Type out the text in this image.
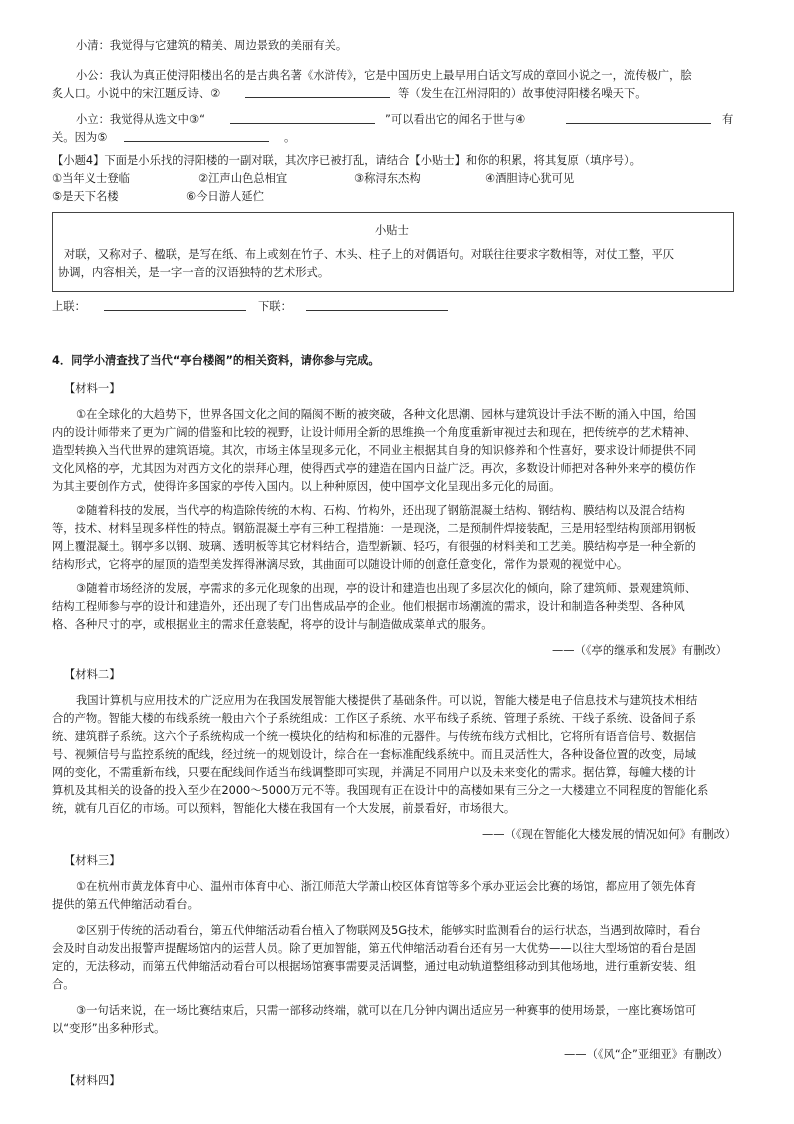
小清：我觉得与它建筑的精美、周边景致的美丽有关。
小公：我认为真正使浔阳楼出名的是古典名著《水浒传》，它是中国历史上最早用白话文写成的章回小说之一，流传极广，脍
炙人口。小说中的宋江题反诗、②	等（发生在江州浔阳的）故事使浔阳楼名噪天下。
小立：我觉得从选文中③“	”可以看出它的闻名于世与④	有
关。因为⑤	。
【小题4】下面是小乐找的浔阳楼的一副对联，其次序已被打乱，请结合【小贴士】和你的积累，将其复原（填序号）。
①当年义士登临	②江声山色总相宜	③称浔东杰构	④酒胆诗心犹可见
⑤是天下名楼	⑥今日游人延伫
小贴士
对联，又称对子、楹联，是写在纸、布上或刻在竹子、木头、柱子上的对偶语句。对联往往要求字数相等，对仗工整，平仄
协调，内容相关，是一字一音的汉语独特的艺术形式。
上联：	下联：
4．同学小清查找了当代“亭台楼阁”的相关资料，请你参与完成。
【材料一】
①在全球化的大趋势下，世界各国文化之间的隔阂不断的被突破，各种文化思潮、园林与建筑设计手法不断的涌入中国，给国
内的设计师带来了更为广阔的借鉴和比较的视野，让设计师用全新的思维换一个角度重新审视过去和现在，把传统亭的艺术精神、
造型转换入当代世界的建筑语境。其次，市场主体呈现多元化，不同业主根据其自身的知识修养和个性喜好，要求设计师提供不同
文化风格的亭，尤其因为对西方文化的崇拜心理，使得西式亭的建造在国内日益广泛。再次，多数设计师把对各种外来亭的模仿作
为其主要创作方式，使得许多国家的亭传入国内。以上种种原因，使中国亭文化呈现出多元化的局面。
②随着科技的发展，当代亭的构造除传统的木构、石构、竹构外，还出现了钢筋混凝土结构、钢结构、膜结构以及混合结构
等，技术、材料呈现多样性的特点。钢筋混凝土亭有三种工程措施：一是现浇，二是预制件焊接装配，三是用轻型结构顶部用钢板
网上覆混凝土。钢亭多以钢、玻璃、透明板等其它材料结合，造型新颖、轻巧，有很强的材料美和工艺美。膜结构亭是一种全新的
结构形式，它将亭的屋顶的造型美发挥得淋漓尽致，其曲面可以随设计师的创意任意变化，常作为景观的视觉中心。
③随着市场经济的发展，亭需求的多元化现象的出现，亭的设计和建造也出现了多层次化的倾向，除了建筑师、景观建筑师、
结构工程师参与亭的设计和建造外，还出现了专门出售成品亭的企业。他们根据市场潮流的需求，设计和制造各种类型、各种风
格、各种尺寸的亭，或根据业主的需求任意装配，将亭的设计与制造做成菜单式的服务。
——（《亭的继承和发展》有删改）
【材料二】
我国计算机与应用技术的广泛应用为在我国发展智能大楼提供了基础条件。可以说，智能大楼是电子信息技术与建筑技术相结
合的产物。智能大楼的布线系统一般由六个子系统组成：工作区子系统、水平布线子系统、管理子系统、干线子系统、设备间子系
统、建筑群子系统。这六个子系统构成一个统一模块化的结构和标准的元器件。与传统布线方式相比，它将所有语音信号、数据信
号、视频信号与监控系统的配线，经过统一的规划设计，综合在一套标准配线系统中。而且灵活性大，各种设备位置的改变，局域
网的变化，不需重新布线，只要在配线间作适当布线调整即可实现，并满足不同用户以及未来变化的需求。据估算，每幢大楼的计
算机及其相关的设备的投入至少在2000～5000万元不等。我国现有正在设计中的高楼如果有三分之一大楼建立不同程度的智能化系
统，就有几百亿的市场。可以预料，智能化大楼在我国有一个大发展，前景看好，市场很大。
——（《现在智能化大楼发展的情况如何》有删改）
【材料三】
①在杭州市黄龙体育中心、温州市体育中心、浙江师范大学萧山校区体育馆等多个承办亚运会比赛的场馆，都应用了领先体育
提供的第五代伸缩活动看台。
②区别于传统的活动看台，第五代伸缩活动看台植入了物联网及5G技术，能够实时监测看台的运行状态，当遇到故障时，看台
会及时自动发出报警声提醒场馆内的运营人员。除了更加智能，第五代伸缩活动看台还有另一大优势——以往大型场馆的看台是固
定的，无法移动，而第五代伸缩活动看台可以根据场馆赛事需要灵活调整，通过电动轨道整组移动到其他场地，进行重新安装、组
合。
③一句话来说，在一场比赛结束后，只需一部移动终端，就可以在几分钟内调出适应另一种赛事的使用场景，一座比赛场馆可
以“变形”出多种形式。
——（《风“企”亚细亚》有删改）
【材料四】
